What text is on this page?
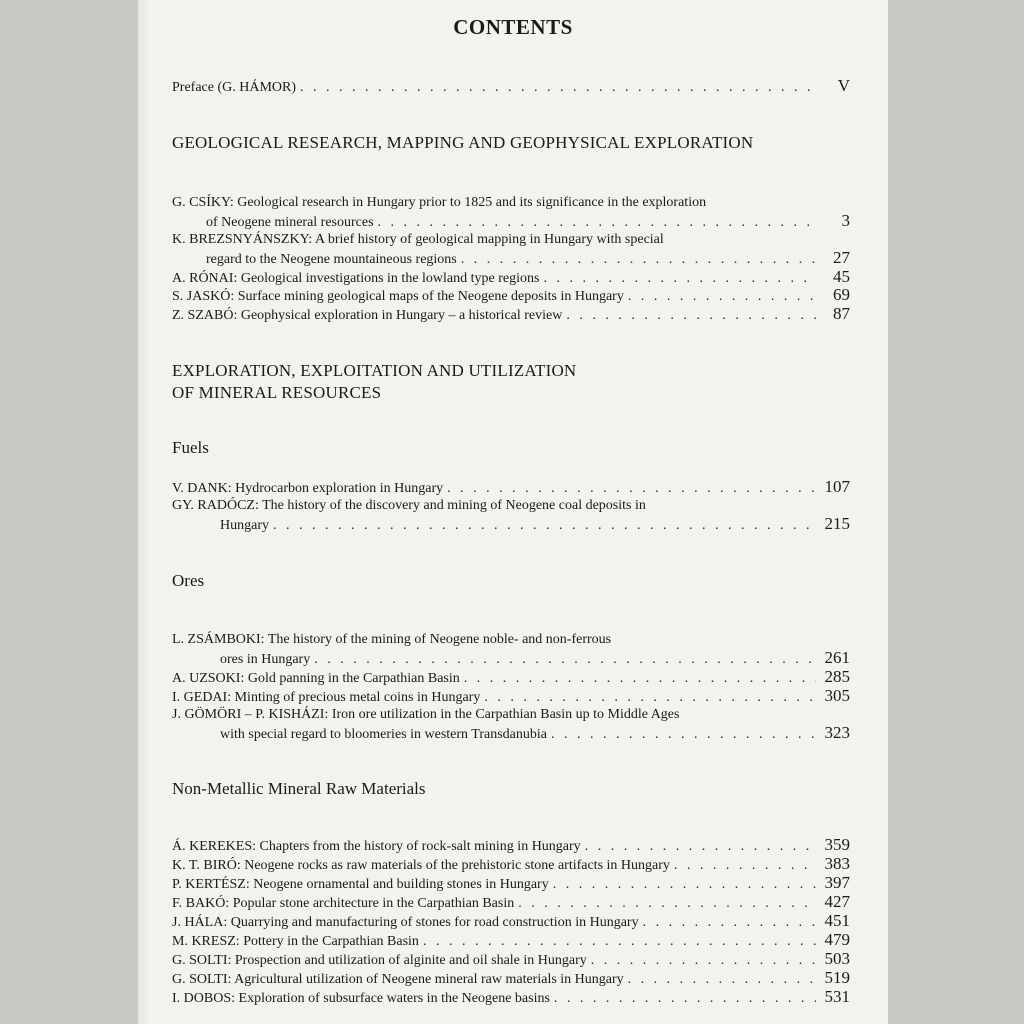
CONTENTS
Preface (G. HÁMOR) . . .	V
GEOLOGICAL RESEARCH, MAPPING AND GEOPHYSICAL EXPLORATION
G. CSÍKY: Geological research in Hungary prior to 1825 and its significance in the exploration
of Neogene mineral resources . . .	3
K. BREZSNYÁNSZKY: A brief history of geological mapping in Hungary with special
regard to the Neogene mountaineous regions . . .	27
A. RÓNAI: Geological investigations in the lowland type regions . . .	45
S. JASKÓ: Surface mining geological maps of the Neogene deposits in Hungary . . .	69
Z. SZABÓ: Geophysical exploration in Hungary – a historical review . . .	87
EXPLORATION, EXPLOITATION AND UTILIZATION
OF MINERAL RESOURCES
Fuels
V. DANK: Hydrocarbon exploration in Hungary . . .	107
GY. RADÓCZ: The history of the discovery and mining of Neogene coal deposits in
Hungary . . .	215
Ores
L. ZSÁMBOKI: The history of the mining of Neogene noble- and non-ferrous
ores in Hungary . . .	261
A. UZSOKI: Gold panning in the Carpathian Basin . . .	285
I. GEDAI: Minting of precious metal coins in Hungary . . .	305
J. GÖMÖRI – P. KISHÁZI: Iron ore utilization in the Carpathian Basin up to Middle Ages
with special regard to bloomeries in western Transdanubia . . .	323
Non-Metallic Mineral Raw Materials
Á. KEREKES: Chapters from the history of rock-salt mining in Hungary . . .	359
K. T. BIRÓ: Neogene rocks as raw materials of the prehistoric stone artifacts in Hungary . . .	383
P. KERTÉSZ: Neogene ornamental and building stones in Hungary . . .	397
F. BAKÓ: Popular stone architecture in the Carpathian Basin . . .	427
J. HÁLA: Quarrying and manufacturing of stones for road construction in Hungary . . .	451
M. KRESZ: Pottery in the Carpathian Basin . . .	479
G. SOLTI: Prospection and utilization of alginite and oil shale in Hungary . . .	503
G. SOLTI: Agricultural utilization of Neogene mineral raw materials in Hungary . . .	519
I. DOBOS: Exploration of subsurface waters in the Neogene basins . . .	531
